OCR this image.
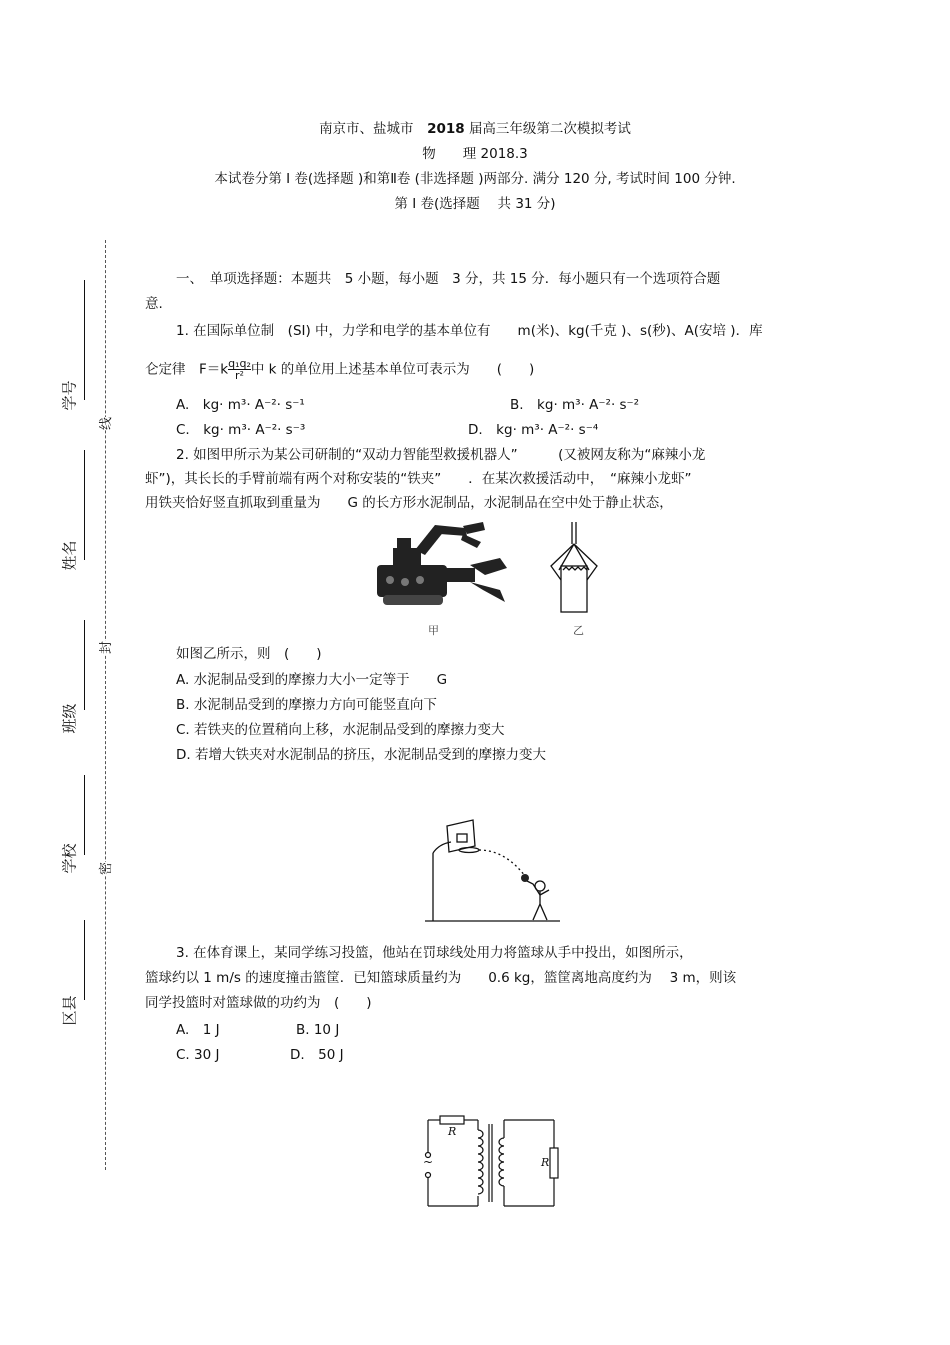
南京市、盐城市　 2018 届高三年级第二次模拟考试
物　　理 2018.3
本试卷分第 Ⅰ 卷(选择题 )和第Ⅱ卷 (非选择题 )两部分. 满分 120 分, 考试时间 100 分钟.
第 Ⅰ 卷(选择题　 共 31 分)
学号
姓名
班级
学校
区县
线
封
密
一、　单项选择题：本题共　5 小题，每小题　3 分，共 15 分．每小题只有一个选项符合题
意.
1. 在国际单位制　(SI) 中，力学和电学的基本单位有　　m(米)、kg(千克 )、s(秒)、A(安培 )．库
仑定律　$F=k \frac{\text{q₁q₂}}{\text{r²}}$ 中 k 的单位用上述基本单位可表示为　　(　　)
A.　kg· m³· A⁻²· s⁻¹	B.　kg· m³· A⁻²· s⁻²
C.　kg· m³· A⁻²· s⁻³	D.　kg· m³· A⁻²· s⁻⁴
2. 如图甲所示为某公司研制的“双动力智能型救援机器人”　　　(又被网友称为“麻辣小龙
虾”)，其长长的手臂前端有两个对称安装的“铁夹”　　．在某次救援活动中，　“麻辣小龙虾”
用铁夹恰好竖直抓取到重量为　　G 的长方形水泥制品，水泥制品在空中处于静止状态，
甲	乙
如图乙所示，则　(　　)
A. 水泥制品受到的摩擦力大小一定等于　　G
B. 水泥制品受到的摩擦力方向可能竖直向下
C. 若铁夹的位置稍向上移，水泥制品受到的摩擦力变大
D. 若增大铁夹对水泥制品的挤压，水泥制品受到的摩擦力变大
3. 在体育课上，某同学练习投篮，他站在罚球线处用力将篮球从手中投出，如图所示，
篮球约以 1 m/s 的速度撞击篮筐．已知篮球质量约为　　0.6 kg，篮筐离地高度约为　 3 m，则该
同学投篮时对篮球做的功约为　(　　)
A.　1 J	B. 10 J
C. 30 J	D.　50 J
R
R
~
